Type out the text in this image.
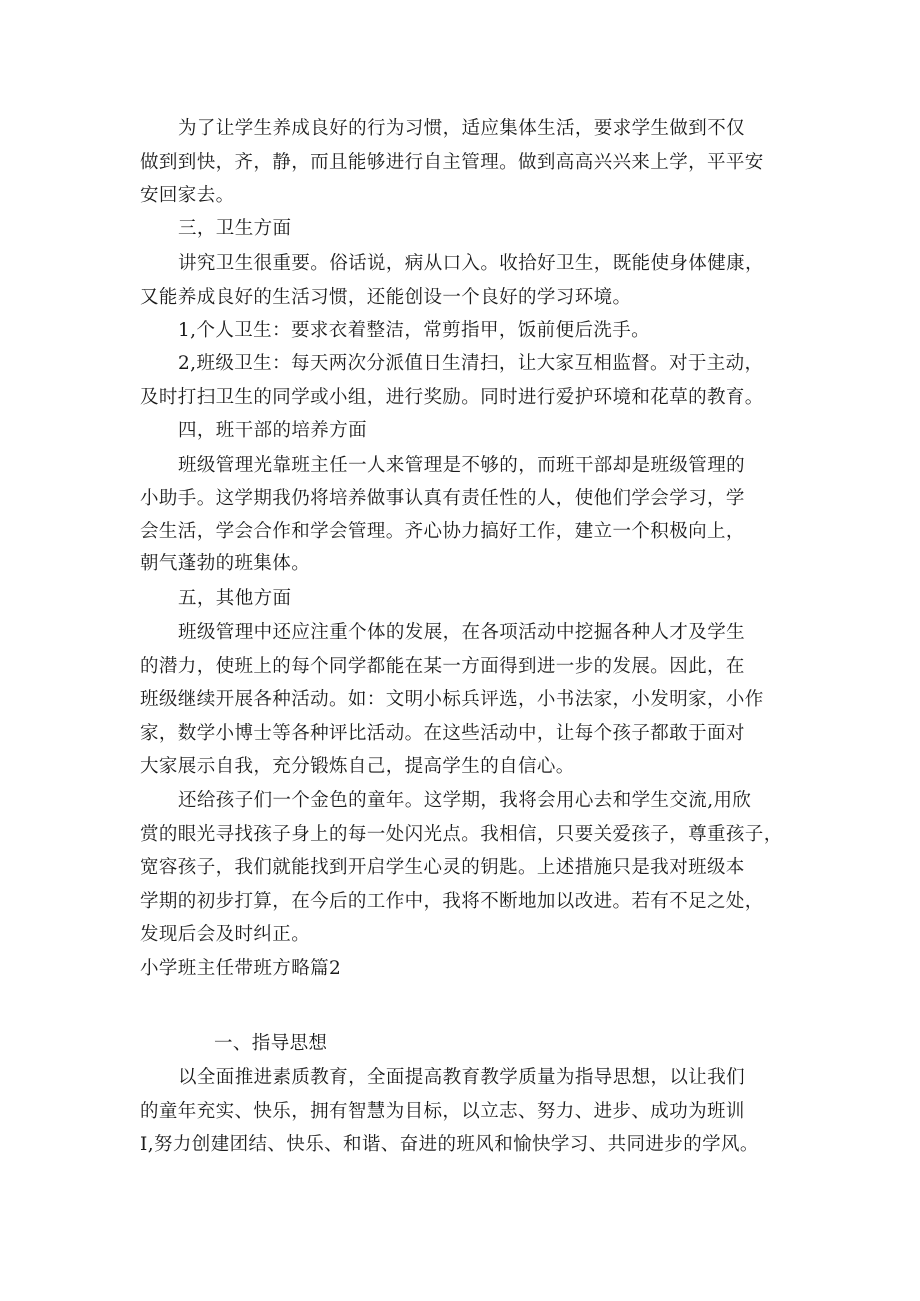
为了让学生养成良好的行为习惯，适应集体生活，要求学生做到不仅
做到到快，齐，静，而且能够进行自主管理。做到高高兴兴来上学，平平安
安回家去。
三，卫生方面
讲究卫生很重要。俗话说，病从口入。收拾好卫生，既能使身体健康，
又能养成良好的生活习惯，还能创设一个良好的学习环境。
1,个人卫生：要求衣着整洁，常剪指甲，饭前便后洗手。
2,班级卫生：每天两次分派值日生清扫，让大家互相监督。对于主动，
及时打扫卫生的同学或小组，进行奖励。同时进行爱护环境和花草的教育。
四，班干部的培养方面
班级管理光靠班主任一人来管理是不够的，而班干部却是班级管理的
小助手。这学期我仍将培养做事认真有责任性的人，使他们学会学习，学
会生活，学会合作和学会管理。齐心协力搞好工作，建立一个积极向上，
朝气蓬勃的班集体。
五，其他方面
班级管理中还应注重个体的发展，在各项活动中挖掘各种人才及学生
的潜力，使班上的每个同学都能在某一方面得到进一步的发展。因此，在
班级继续开展各种活动。如：文明小标兵评选，小书法家，小发明家，小作
家，数学小博士等各种评比活动。在这些活动中，让每个孩子都敢于面对
大家展示自我，充分锻炼自己，提高学生的自信心。
还给孩子们一个金色的童年。这学期，我将会用心去和学生交流,用欣
赏的眼光寻找孩子身上的每一处闪光点。我相信，只要关爱孩子，尊重孩子，
宽容孩子，我们就能找到开启学生心灵的钥匙。上述措施只是我对班级本
学期的初步打算，在今后的工作中，我将不断地加以改进。若有不足之处，
发现后会及时纠正。
小学班主任带班方略篇2
一、指导思想
以全面推进素质教育，全面提高教育教学质量为指导思想，以让我们
的童年充实、快乐，拥有智慧为目标，以立志、努力、进步、成功为班训
I,努力创建团结、快乐、和谐、奋进的班风和愉快学习、共同进步的学风。
